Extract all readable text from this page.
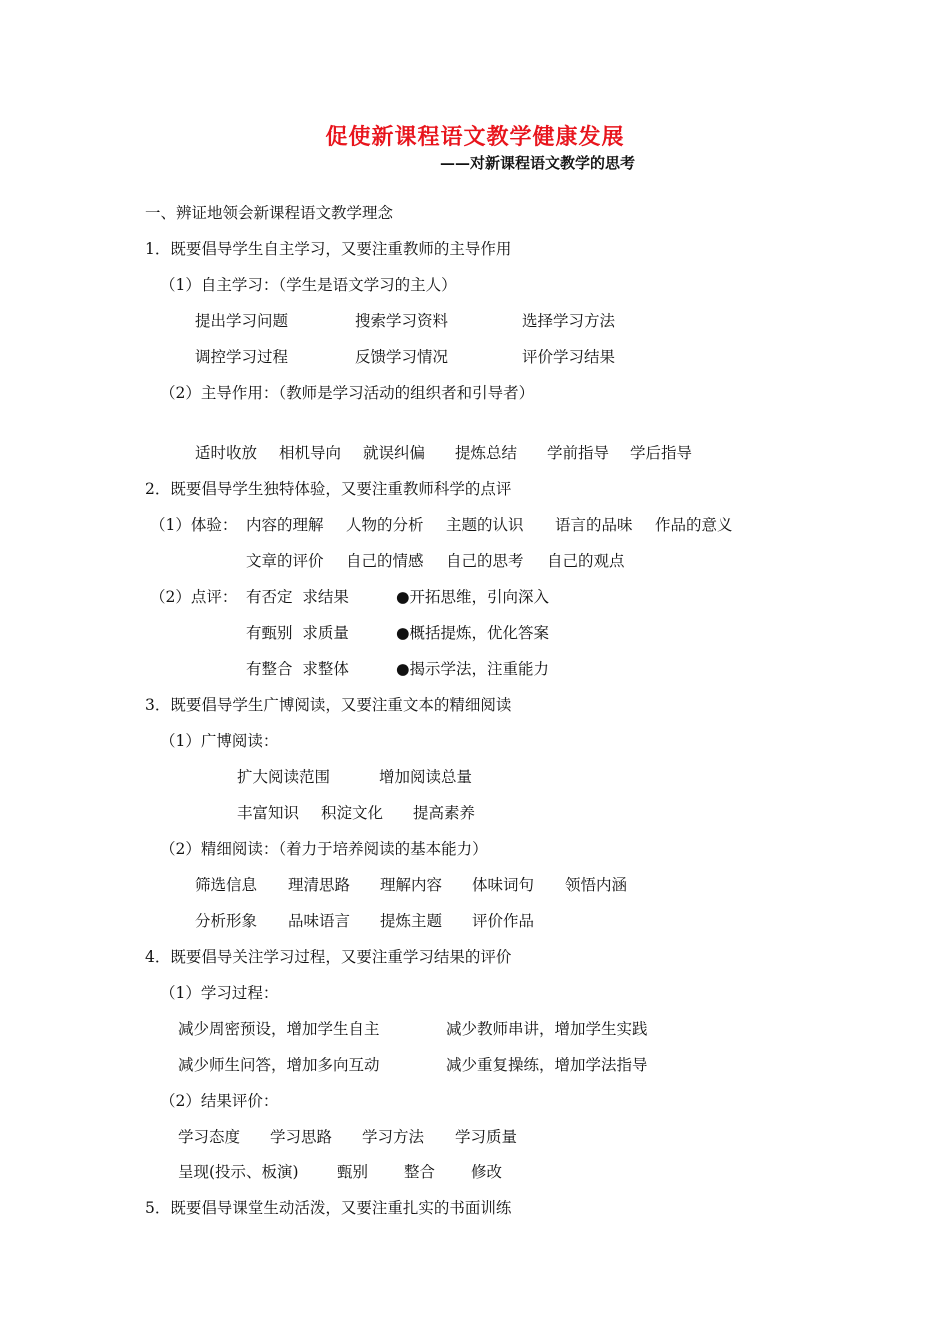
促使新课程语文教学健康发展
——对新课程语文教学的思考
一、辨证地领会新课程语文教学理念
1．既要倡导学生自主学习，又要注重教师的主导作用
（1）自主学习：（学生是语文学习的主人）
提出学习问题	搜索学习资料	选择学习方法
调控学习过程	反馈学习情况	评价学习结果
（2）主导作用：（教师是学习活动的组织者和引导者）
适时收放 相机导向 就误纠偏 提炼总结 学前指导 学后指导
2．既要倡导学生独特体验，又要注重教师科学的点评
（1）体验： 内容的理解 人物的分析 主题的认识 语言的品味 作品的意义
文章的评价 自己的情感 自己的思考 自己的观点
（2）点评： 有否定  求结果	●开拓思维，引向深入
有甄别  求质量	●概括提炼，优化答案
有整合  求整体	●揭示学法，注重能力
3．既要倡导学生广博阅读，又要注重文本的精细阅读
（1）广博阅读：
扩大阅读范围	增加阅读总量
丰富知识 积淀文化 提高素养
（2）精细阅读：（着力于培养阅读的基本能力）
筛选信息 理清思路 理解内容 体味词句 领悟内涵
分析形象 品味语言 提炼主题 评价作品
4．既要倡导关注学习过程，又要注重学习结果的评价
（1）学习过程：
减少周密预设，增加学生自主	减少教师串讲，增加学生实践
减少师生问答，增加多向互动	减少重复操练，增加学法指导
（2）结果评价：
学习态度 学习思路 学习方法 学习质量
呈现(投示、板演) 甄别 整合 修改
5．既要倡导课堂生动活泼，又要注重扎实的书面训练
